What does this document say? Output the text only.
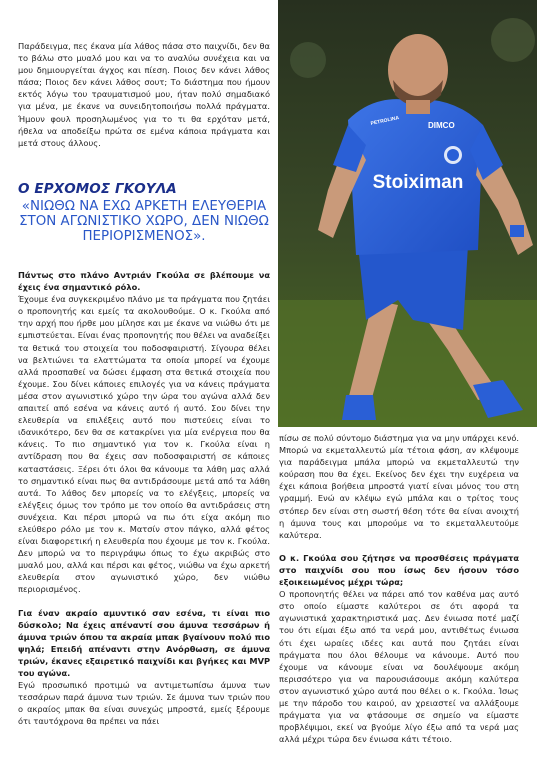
Παράδειγμα, πες έκανα μία λάθος πάσα στο παιχνίδι, δεν θα το βάλω στο μυαλό μου και να το αναλύω συνέχεια και να μου δημιουργείται άγχος και πίεση. Ποιος δεν κάνει λάθος πάσα; Ποιος δεν κάνει λάθος σουτ; Το διάστημα που ήμουν εκτός λόγω του τραυματισμού μου, ήταν πολύ σημαδιακό για μένα, με έκανε να συνειδητοποιήσω πολλά πράγματα. Ήμουν φουλ προσηλωμένος για το τι θα ερχόταν μετά, ήθελα να αποδείξω πρώτα σε εμένα κάποια πράγματα και μετά στους άλλους.

Ο ΕΡΧΟΜΟΣ ΓΚΟΥΛΑ

«ΝΙΩΘΩ ΝΑ ΕΧΩ ΑΡΚΕΤΗ ΕΛΕΥΘΕΡΙΑ ΣΤΟΝ ΑΓΩΝΙΣΤΙΚΟ ΧΩΡΟ, ΔΕΝ ΝΙΩΘΩ ΠΕΡΙΟΡΙΣΜΕΝΟΣ».

Πάντως στο πλάνο Αντριάν Γκούλα σε βλέπουμε να έχεις ένα σημαντικό ρόλο.

Έχουμε ένα συγκεκριμένο πλάνο με τα πράγματα που ζητάει ο προπονητής και εμείς τα ακολουθούμε. Ο κ. Γκούλα από την αρχή που ήρθε μου μίλησε και με έκανε να νιώθω ότι με εμπιστεύεται. Είναι ένας προπονητής που θέλει να αναδείξει τα θετικά του στοιχεία του ποδοσφαιριστή. Σίγουρα θέλει να βελτιώνει τα ελαττώματα τα οποία μπορεί να έχουμε αλλά προσπαθεί να δώσει έμφαση στα θετικά στοιχεία που έχουμε. Σου δίνει κάποιες επιλογές για να κάνεις πράγματα μέσα στον αγωνιστικό χώρο την ώρα του αγώνα αλλά δεν απαιτεί από εσένα να κάνεις αυτό ή αυτό. Σου δίνει την ελευθερία να επιλέξεις αυτό που πιστεύεις είναι το ιδανικότερο, δεν θα σε κατακρίνει για μία ενέργεια που θα κάνεις. Το πιο σημαντικό για τον κ. Γκούλα είναι η αντίδραση που θα έχεις σαν ποδοσφαιριστή σε κάποιες καταστάσεις. Ξέρει ότι όλοι θα κάνουμε τα λάθη μας αλλά το σημαντικό είναι πως θα αντιδράσουμε μετά από τα λάθη αυτά. Το λάθος δεν μπορείς να το ελέγξεις, μπορείς να ελέγξεις όμως τον τρόπο με τον οποίο θα αντιδράσεις στη συνέχεια. Και πέρσι μπορώ να πω ότι είχα ακόμη πιο ελεύθερο ρόλο με τον κ. Ματσίν στον πάγκο, αλλά φέτος είναι διαφορετική η ελευθερία που έχουμε με τον κ. Γκούλα. Δεν μπορώ να το περιγράψω όπως το έχω ακριβώς στο μυαλό μου, αλλά και πέρσι και φέτος, νιώθω να έχω αρκετή ελευθερία στον αγωνιστικό χώρο, δεν νιώθω περιορισμένος.

Για έναν ακραίο αμυντικό σαν εσένα, τι είναι πιο δύσκολο; Να έχεις απέναντί σου άμυνα τεσσάρων ή άμυνα τριών όπου τα ακραία μπακ βγαίνουν πολύ πιο ψηλά; Επειδή απέναντι στην Ανόρθωση, σε άμυνα τριών, έκανες εξαιρετικό παιχνίδι και βγήκες και MVP του αγώνα.

Εγώ προσωπικό προτιμώ να αντιμετωπίσω άμυνα των τεσσάρων παρά άμυνα των τριών. Σε άμυνα των τριών που ο ακραίος μπακ θα είναι συνεχώς μπροστά, εμείς ξέρουμε ότι ταυτόχρονα θα πρέπει να πάει

πίσω σε πολύ σύντομο διάστημα για να μην υπάρχει κενό. Μπορώ να εκμεταλλευτώ μία τέτοια φάση, αν κλέψουμε για παράδειγμα μπάλα μπορώ να εκμεταλλευτώ την κούραση που θα έχει. Εκείνος δεν έχει την ευχέρεια να έχει κάποια βοήθεια μπροστά γιατί είναι μόνος του στη γραμμή. Ενώ αν κλέψω εγώ μπάλα και ο τρίτος τους στόπερ δεν είναι στη σωστή θέση τότε θα είναι ανοιχτή η άμυνα τους και μπορούμε να το εκμεταλλευτούμε καλύτερα.

Ο κ. Γκούλα σου ζήτησε να προσθέσεις πράγματα στο παιχνίδι σου που ίσως δεν ήσουν τόσο εξοικειωμένος μέχρι τώρα;

Ο προπονητής θέλει να πάρει από τον καθένα μας αυτό στο οποίο είμαστε καλύτεροι σε ότι αφορά τα αγωνιστικά χαρακτηριστικά μας. Δεν ένιωσα ποτέ μαζί του ότι είμαι έξω από τα νερά μου, αντιθέτως ένιωσα ότι έχει ωραίες ιδέες και αυτά που ζητάει είναι πράγματα που όλοι θέλουμε να κάνουμε. Αυτό που έχουμε να κάνουμε είναι να δουλέψουμε ακόμη περισσότερο για να παρουσιάσουμε ακόμη καλύτερα στον αγωνιστικό χώρο αυτά που θέλει ο κ. Γκούλα. Ίσως με την πάροδο του καιρού, αν χρειαστεί να αλλάξουμε πράγματα για να φτάσουμε σε σημείο να είμαστε προβλέψιμοι, εκεί να βγούμε λίγο έξω από τα νερά μας αλλά μέχρι τώρα δεν ένιωσα κάτι τέτοιο.

Stoiximan
DIMCO
PETROLINA
